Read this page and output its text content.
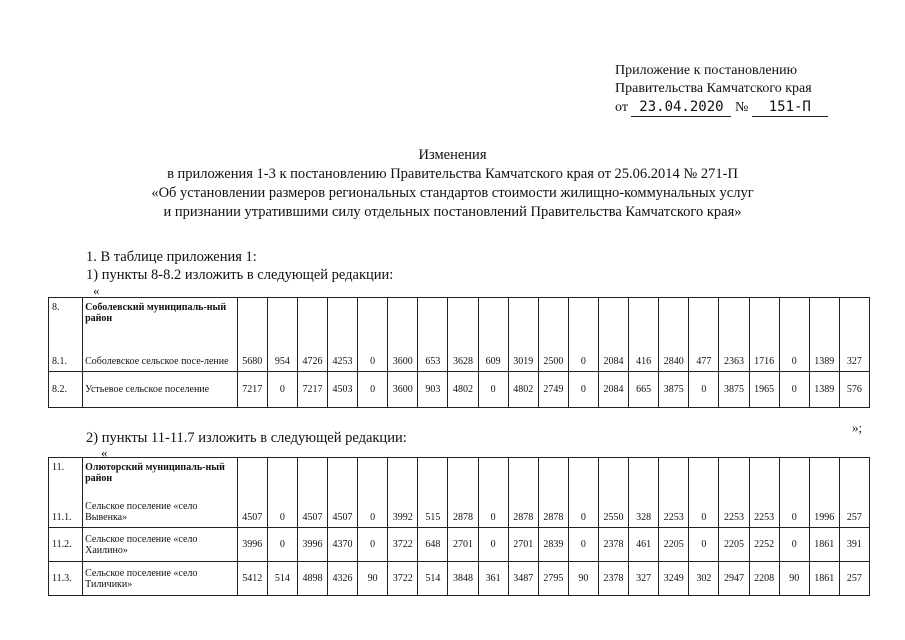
Приложение к постановлению
Правительства Камчатского края
от 23.04.2020 № 151-П
Изменения
в приложения 1-3 к постановлению Правительства Камчатского края от 25.06.2014 № 271-П
«Об установлении размеров региональных стандартов стоимости жилищно-коммунальных услуг
и признании утратившими силу отдельных постановлений Правительства Камчатского края»
1. В таблице приложения 1:
1) пункты 8-8.2 изложить в следующей редакции:
«
8.	Соболевский муниципаль-ный район																					
8.1.	Соболевское сельское посе-ление	5680	954	4726	4253	0	3600	653	3628	609	3019	2500	0	2084	416	2840	477	2363	1716	0	1389	327
8.2.	Устьевое сельское поселение	7217	0	7217	4503	0	3600	903	4802	0	4802	2749	0	2084	665	3875	0	3875	1965	0	1389	576
»;
2) пункты 11-11.7 изложить в следующей редакции:
«
11.	Олюторский муниципаль-ный район																					
11.1.	Сельское поселение «село Вывенка»	4507	0	4507	4507	0	3992	515	2878	0	2878	2878	0	2550	328	2253	0	2253	2253	0	1996	257
11.2.	Сельское поселение «село Хаилино»	3996	0	3996	4370	0	3722	648	2701	0	2701	2839	0	2378	461	2205	0	2205	2252	0	1861	391
11.3.	Сельское поселение «село Тиличики»	5412	514	4898	4326	90	3722	514	3848	361	3487	2795	90	2378	327	3249	302	2947	2208	90	1861	257
